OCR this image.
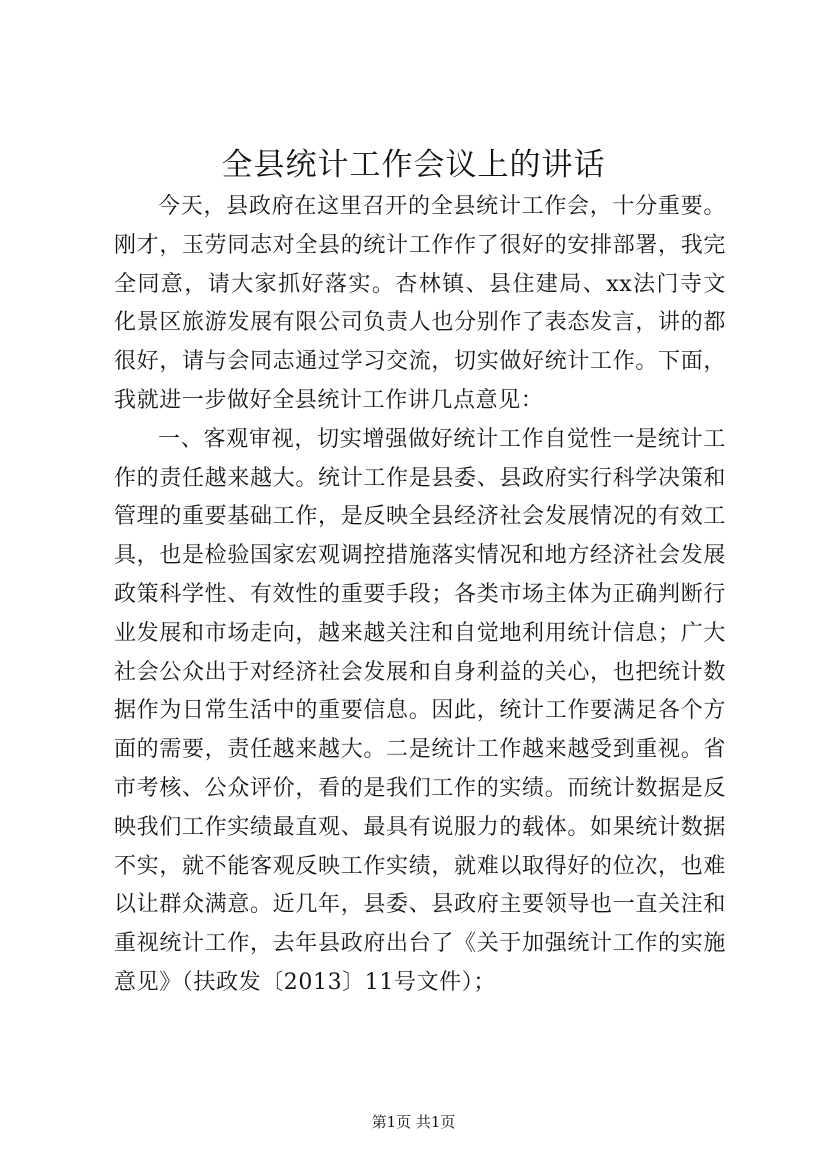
全县统计工作会议上的讲话

今天，县政府在这里召开的全县统计工作会，十分重要。刚才，玉劳同志对全县的统计工作作了很好的安排部署，我完全同意，请大家抓好落实。杏林镇、县住建局、xx法门寺文化景区旅游发展有限公司负责人也分别作了表态发言，讲的都很好，请与会同志通过学习交流，切实做好统计工作。下面，我就进一步做好全县统计工作讲几点意见：

一、客观审视，切实增强做好统计工作自觉性一是统计工作的责任越来越大。统计工作是县委、县政府实行科学决策和管理的重要基础工作，是反映全县经济社会发展情况的有效工具，也是检验国家宏观调控措施落实情况和地方经济社会发展政策科学性、有效性的重要手段；各类市场主体为正确判断行业发展和市场走向，越来越关注和自觉地利用统计信息；广大社会公众出于对经济社会发展和自身利益的关心，也把统计数据作为日常生活中的重要信息。因此，统计工作要满足各个方面的需要，责任越来越大。二是统计工作越来越受到重视。省市考核、公众评价，看的是我们工作的实绩。而统计数据是反映我们工作实绩最直观、最具有说服力的载体。如果统计数据不实，就不能客观反映工作实绩，就难以取得好的位次，也难以让群众满意。近几年，县委、县政府主要领导也一直关注和重视统计工作，去年县政府出台了《关于加强统计工作的实施意见》（扶政发〔2013〕11号文件）；

第1页 共1页
